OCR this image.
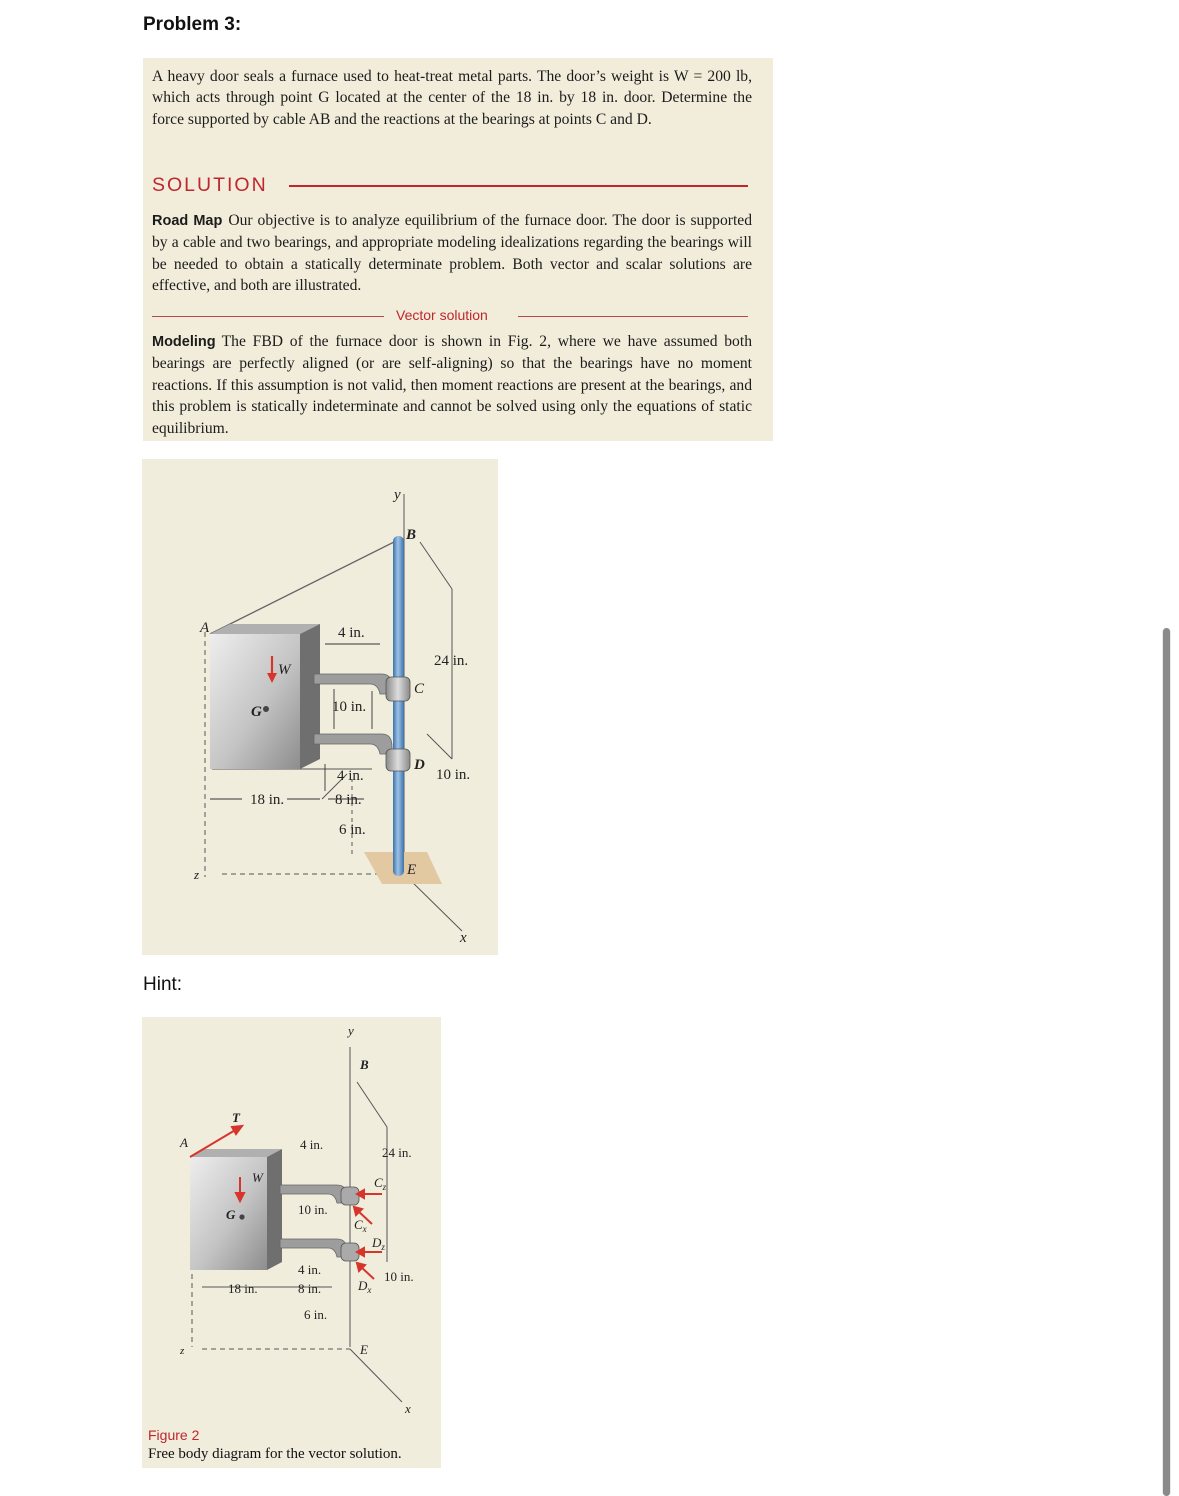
Problem 3:
A heavy door seals a furnace used to heat-treat metal parts. The door’s weight is W = 200 lb, which acts through point G located at the center of the 18 in. by 18 in. door. Determine the force supported by cable AB and the reactions at the bearings at points C and D.
SOLUTION
Road Map Our objective is to analyze equilibrium of the furnace door. The door is supported by a cable and two bearings, and appropriate modeling idealizations regarding the bearings will be needed to obtain a statically determinate problem. Both vector and scalar solutions are effective, and both are illustrated.
Vector solution
Modeling The FBD of the furnace door is shown in Fig. 2, where we have assumed both bearings are perfectly aligned (or are self-aligning) so that the bearings have no moment reactions. If this assumption is not valid, then moment reactions are present at the bearings, and this problem is statically indeterminate and cannot be solved using only the equations of static equilibrium.
y
B
A
W
G
C
D
E
x
z
4 in.
24 in.
10 in.
4 in.	10 in.
18 in.	8 in.
6 in.
Hint:
y
B
T
A
W
G
$C_z$
$C_x$
$D_z$
$D_x$
E
x
z
4 in.
24 in.
10 in.
4 in.	10 in.
18 in.	8 in.
6 in.
Figure 2
Free body diagram for the vector solution.
